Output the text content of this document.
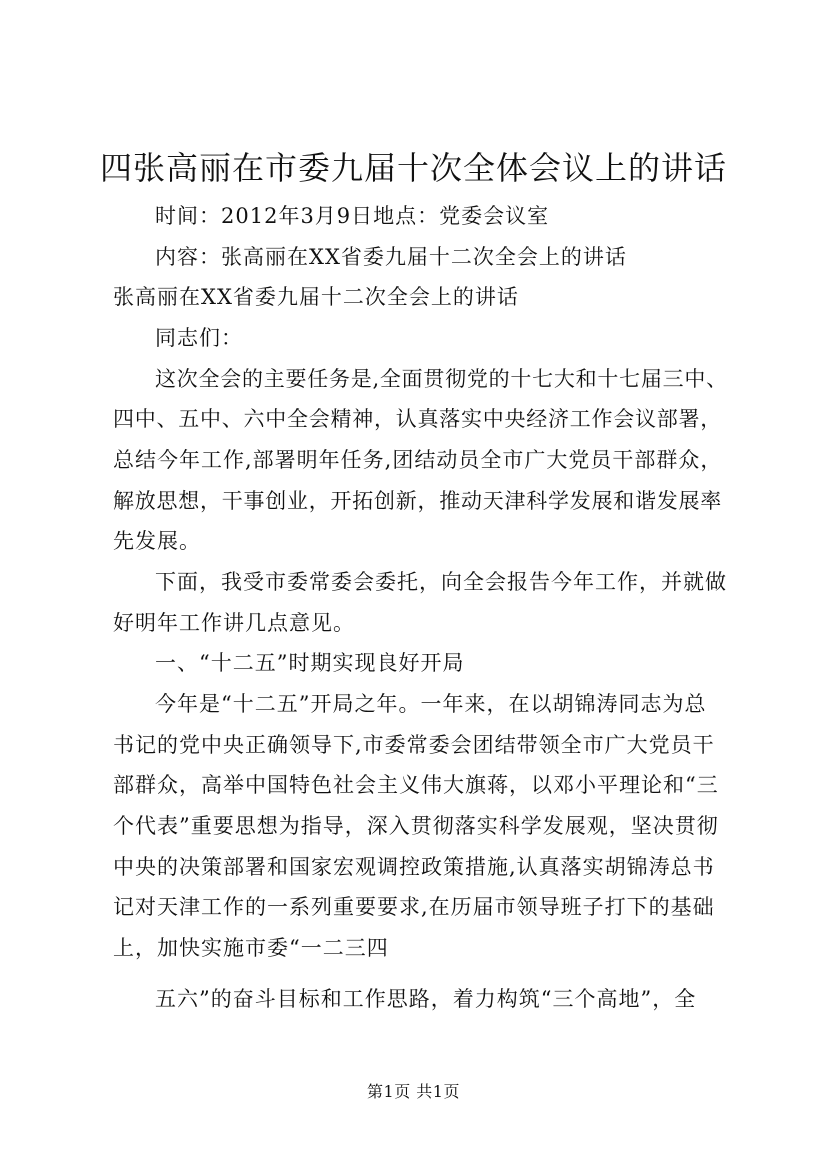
四张高丽在市委九届十次全体会议上的讲话
时间：2012年3月9日地点：党委会议室
内容：张高丽在XX省委九届十二次全会上的讲话
张高丽在XX省委九届十二次全会上的讲话
同志们：
这次全会的主要任务是,全面贯彻党的十七大和十七届三中、
四中、五中、六中全会精神，认真落实中央经济工作会议部署，
总结今年工作,部署明年任务,团结动员全市广大党员干部群众，
解放思想，干事创业，开拓创新，推动天津科学发展和谐发展率
先发展。
下面，我受市委常委会委托，向全会报告今年工作，并就做
好明年工作讲几点意见。
一、“十二五”时期实现良好开局
今年是“十二五”开局之年。一年来，在以胡锦涛同志为总
书记的党中央正确领导下,市委常委会团结带领全市广大党员干
部群众，高举中国特色社会主义伟大旗蒋，以邓小平理论和“三
个代表”重要思想为指导，深入贯彻落实科学发展观，坚决贯彻
中央的决策部署和国家宏观调控政策措施,认真落实胡锦涛总书
记对天津工作的一系列重要要求,在历届市领导班子打下的基础
上，加快实施市委“一二三四
五六”的奋斗目标和工作思路，着力构筑“三个高地”，全
第1页 共1页
